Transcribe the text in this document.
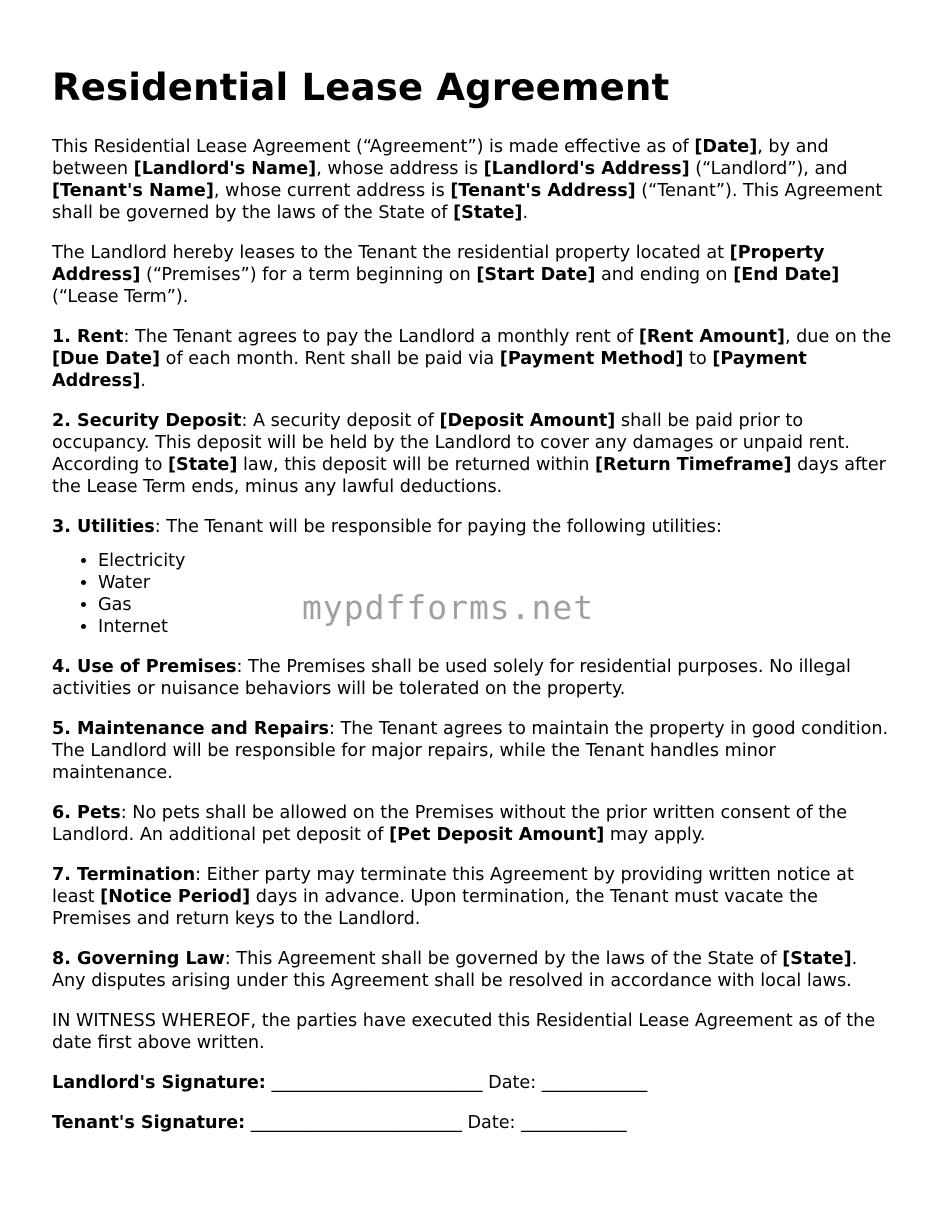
Residential Lease Agreement

This Residential Lease Agreement (“Agreement”) is made effective as of [Date], by and between [Landlord's Name], whose address is [Landlord's Address] (“Landlord”), and [Tenant's Name], whose current address is [Tenant's Address] (“Tenant”). This Agreement shall be governed by the laws of the State of [State].

The Landlord hereby leases to the Tenant the residential property located at [Property Address] (“Premises”) for a term beginning on [Start Date] and ending on [End Date] (“Lease Term”).

1. Rent: The Tenant agrees to pay the Landlord a monthly rent of [Rent Amount], due on the [Due Date] of each month. Rent shall be paid via [Payment Method] to [Payment Address].

2. Security Deposit: A security deposit of [Deposit Amount] shall be paid prior to occupancy. This deposit will be held by the Landlord to cover any damages or unpaid rent. According to [State] law, this deposit will be returned within [Return Timeframe] days after the Lease Term ends, minus any lawful deductions.

3. Utilities: The Tenant will be responsible for paying the following utilities:

• Electricity
• Water
• Gas
• Internet

4. Use of Premises: The Premises shall be used solely for residential purposes. No illegal activities or nuisance behaviors will be tolerated on the property.

5. Maintenance and Repairs: The Tenant agrees to maintain the property in good condition. The Landlord will be responsible for major repairs, while the Tenant handles minor maintenance.

6. Pets: No pets shall be allowed on the Premises without the prior written consent of the Landlord. An additional pet deposit of [Pet Deposit Amount] may apply.

7. Termination: Either party may terminate this Agreement by providing written notice at least [Notice Period] days in advance. Upon termination, the Tenant must vacate the Premises and return keys to the Landlord.

8. Governing Law: This Agreement shall be governed by the laws of the State of [State]. Any disputes arising under this Agreement shall be resolved in accordance with local laws.

IN WITNESS WHEREOF, the parties have executed this Residential Lease Agreement as of the date first above written.

Landlord's Signature: ________________________ Date: ____________
Tenant's Signature: ________________________ Date: ____________
mypdfforms.net
